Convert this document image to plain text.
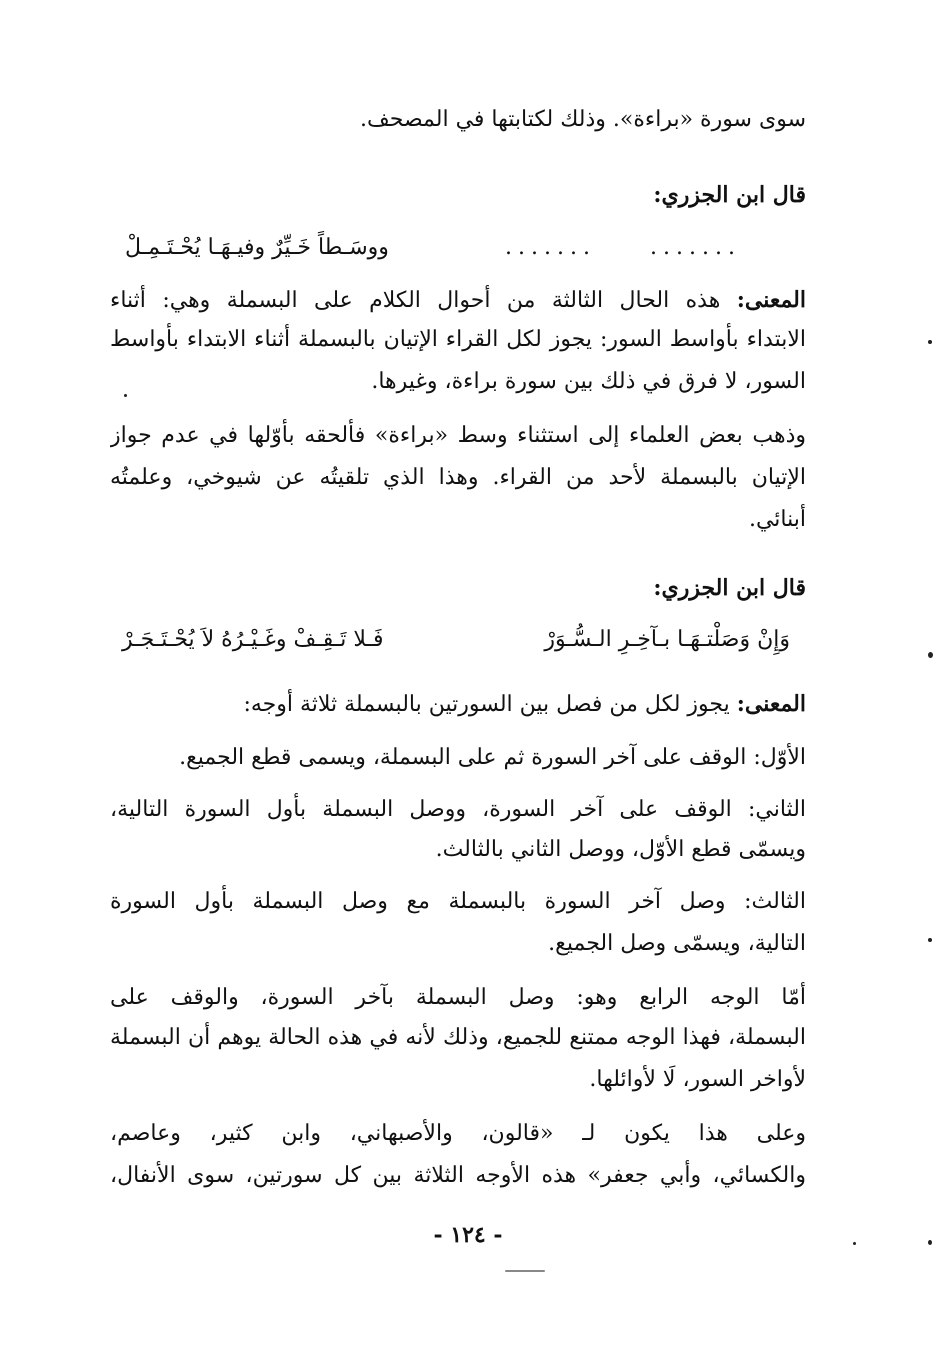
سوى سورة «براءة». وذلك لكتابتها في المصحف.
قال ابن الجزري:
.......
.......
ووسَـطاً خَـيِّرٌ وفيـهَـا يُحْـتَـمِـلْ
المعنى: هذه الحال الثالثة من أحوال الكلام على البسملة وهي: أثناء
الابتداء بأواسط السور: يجوز لكل القراء الإتيان بالبسملة أثناء الابتداء بأواسط
السور، لا فرق في ذلك بين سورة براءة، وغيرها.
وذهب بعض العلماء إلى استثناء وسط «براءة» فألحقه بأوّلها في عدم جواز
الإتيان بالبسملة لأحد من القراء. وهذا الذي تلقيتُه عن شيوخي، وعلمتُه
أبنائي.
قال ابن الجزري:
وَإِنْ وَصَلْتـهَـا بـآخِـرِ الـسُّـوَرْ
فَـلا تَـقِـفْ وغَـيْـرُهُ لاَ يُحْـتَـجَـرْ
المعنى: يجوز لكل من فصل بين السورتين بالبسملة ثلاثة أوجه:
الأوّل: الوقف على آخر السورة ثم على البسملة، ويسمى قطع الجميع.
الثاني: الوقف على آخر السورة، ووصل البسملة بأول السورة التالية،
ويسمّى قطع الأوّل، ووصل الثاني بالثالث.
الثالث: وصل آخر السورة بالبسملة مع وصل البسملة بأول السورة
التالية، ويسمّى وصل الجميع.
أمّا الوجه الرابع وهو: وصل البسملة بآخر السورة، والوقف على
البسملة، فهذا الوجه ممتنع للجميع، وذلك لأنه في هذه الحالة يوهم أن البسملة
لأواخر السور، لَا لأوائلها.
وعلى هذا يكون لـ «قالون، والأصبهاني، وابن كثير، وعاصم،
والكسائي، وأبي جعفر» هذه الأوجه الثلاثة بين كل سورتين، سوى الأنفال،
- ١٢٤ -
